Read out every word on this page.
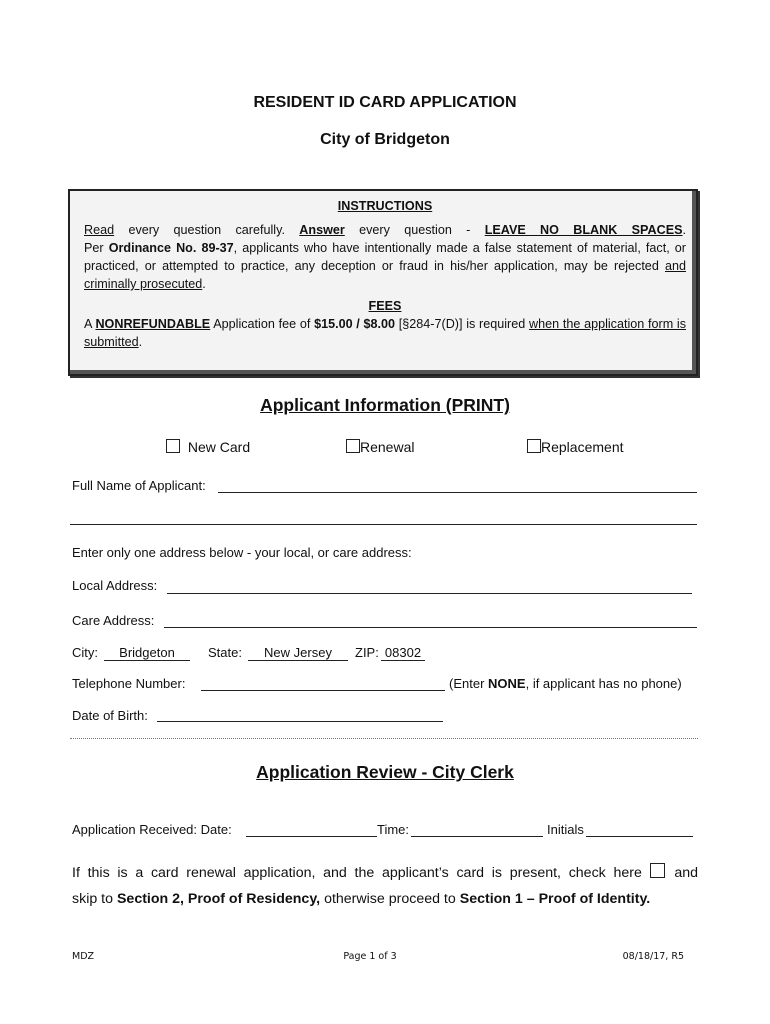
RESIDENT ID CARD APPLICATION
City of Bridgeton
INSTRUCTIONS
Read every question carefully. Answer every question - LEAVE NO BLANK SPACES.
Per Ordinance No. 89-37, applicants who have intentionally made a false statement of material, fact, or practiced, or attempted to practice, any deception or fraud in his/her application, may be rejected and criminally prosecuted.
FEES
A NONREFUNDABLE Application fee of $15.00 / $8.00 [§284-7(D)] is required when the application form is submitted.
Applicant Information (PRINT)
New Card	Renewal	Replacement
Full Name of Applicant:
Enter only one address below - your local, or care address:
Local Address:
Care Address:
City:	Bridgeton	State:	New Jersey	ZIP: 08302
Telephone Number:	(Enter NONE, if applicant has no phone)
Date of Birth:
Application Review - City Clerk
Application Received: Date:	Time:	Initials
If this is a card renewal application, and the applicant’s card is present, check here and
skip to Section 2, Proof of Residency, otherwise proceed to Section 1 – Proof of Identity.
MDZ	Page 1 of 3	08/18/17, R5
